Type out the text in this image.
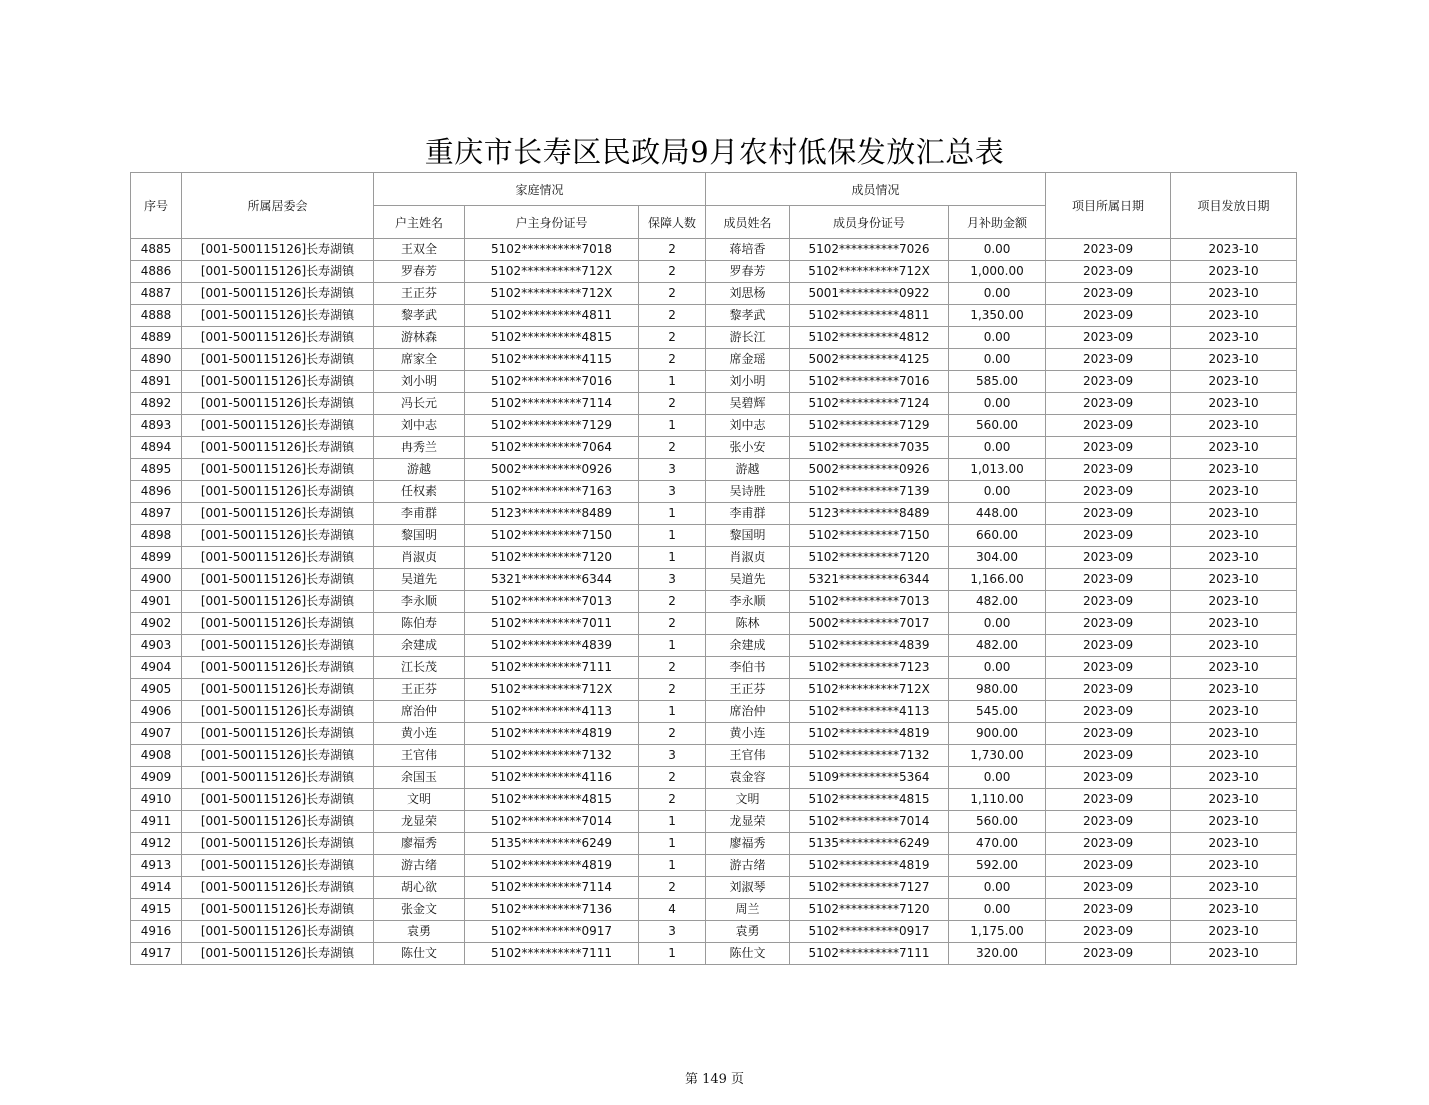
重庆市长寿区民政局9月农村低保发放汇总表
序号	所属居委会	家庭情况			成员情况			项目所属日期	项目发放日期
		户主姓名	户主身份证号	保障人数	成员姓名	成员身份证号	月补助金额		
4885	[001-500115126]长寿湖镇	王双全	5102**********7018	2	蒋培香	5102**********7026	0.00	2023-09	2023-10
4886	[001-500115126]长寿湖镇	罗春芳	5102**********712X	2	罗春芳	5102**********712X	1,000.00	2023-09	2023-10
4887	[001-500115126]长寿湖镇	王正芬	5102**********712X	2	刘思杨	5001**********0922	0.00	2023-09	2023-10
4888	[001-500115126]长寿湖镇	黎孝武	5102**********4811	2	黎孝武	5102**********4811	1,350.00	2023-09	2023-10
4889	[001-500115126]长寿湖镇	游林森	5102**********4815	2	游长江	5102**********4812	0.00	2023-09	2023-10
4890	[001-500115126]长寿湖镇	席家全	5102**********4115	2	席金瑶	5002**********4125	0.00	2023-09	2023-10
4891	[001-500115126]长寿湖镇	刘小明	5102**********7016	1	刘小明	5102**********7016	585.00	2023-09	2023-10
4892	[001-500115126]长寿湖镇	冯长元	5102**********7114	2	吴碧辉	5102**********7124	0.00	2023-09	2023-10
4893	[001-500115126]长寿湖镇	刘中志	5102**********7129	1	刘中志	5102**********7129	560.00	2023-09	2023-10
4894	[001-500115126]长寿湖镇	冉秀兰	5102**********7064	2	张小安	5102**********7035	0.00	2023-09	2023-10
4895	[001-500115126]长寿湖镇	游越	5002**********0926	3	游越	5002**********0926	1,013.00	2023-09	2023-10
4896	[001-500115126]长寿湖镇	任权素	5102**********7163	3	吴诗胜	5102**********7139	0.00	2023-09	2023-10
4897	[001-500115126]长寿湖镇	李甫群	5123**********8489	1	李甫群	5123**********8489	448.00	2023-09	2023-10
4898	[001-500115126]长寿湖镇	黎国明	5102**********7150	1	黎国明	5102**********7150	660.00	2023-09	2023-10
4899	[001-500115126]长寿湖镇	肖淑贞	5102**********7120	1	肖淑贞	5102**********7120	304.00	2023-09	2023-10
4900	[001-500115126]长寿湖镇	吴道先	5321**********6344	3	吴道先	5321**********6344	1,166.00	2023-09	2023-10
4901	[001-500115126]长寿湖镇	李永顺	5102**********7013	2	李永顺	5102**********7013	482.00	2023-09	2023-10
4902	[001-500115126]长寿湖镇	陈伯寿	5102**********7011	2	陈林	5002**********7017	0.00	2023-09	2023-10
4903	[001-500115126]长寿湖镇	余建成	5102**********4839	1	余建成	5102**********4839	482.00	2023-09	2023-10
4904	[001-500115126]长寿湖镇	江长茂	5102**********7111	2	李伯书	5102**********7123	0.00	2023-09	2023-10
4905	[001-500115126]长寿湖镇	王正芬	5102**********712X	2	王正芬	5102**********712X	980.00	2023-09	2023-10
4906	[001-500115126]长寿湖镇	席治仲	5102**********4113	1	席治仲	5102**********4113	545.00	2023-09	2023-10
4907	[001-500115126]长寿湖镇	黄小连	5102**********4819	2	黄小连	5102**********4819	900.00	2023-09	2023-10
4908	[001-500115126]长寿湖镇	王官伟	5102**********7132	3	王官伟	5102**********7132	1,730.00	2023-09	2023-10
4909	[001-500115126]长寿湖镇	余国玉	5102**********4116	2	袁金容	5109**********5364	0.00	2023-09	2023-10
4910	[001-500115126]长寿湖镇	文明	5102**********4815	2	文明	5102**********4815	1,110.00	2023-09	2023-10
4911	[001-500115126]长寿湖镇	龙显荣	5102**********7014	1	龙显荣	5102**********7014	560.00	2023-09	2023-10
4912	[001-500115126]长寿湖镇	廖福秀	5135**********6249	1	廖福秀	5135**********6249	470.00	2023-09	2023-10
4913	[001-500115126]长寿湖镇	游古绪	5102**********4819	1	游古绪	5102**********4819	592.00	2023-09	2023-10
4914	[001-500115126]长寿湖镇	胡心欲	5102**********7114	2	刘淑琴	5102**********7127	0.00	2023-09	2023-10
4915	[001-500115126]长寿湖镇	张金文	5102**********7136	4	周兰	5102**********7120	0.00	2023-09	2023-10
4916	[001-500115126]长寿湖镇	袁勇	5102**********0917	3	袁勇	5102**********0917	1,175.00	2023-09	2023-10
4917	[001-500115126]长寿湖镇	陈仕文	5102**********7111	1	陈仕文	5102**********7111	320.00	2023-09	2023-10
第 149 页
